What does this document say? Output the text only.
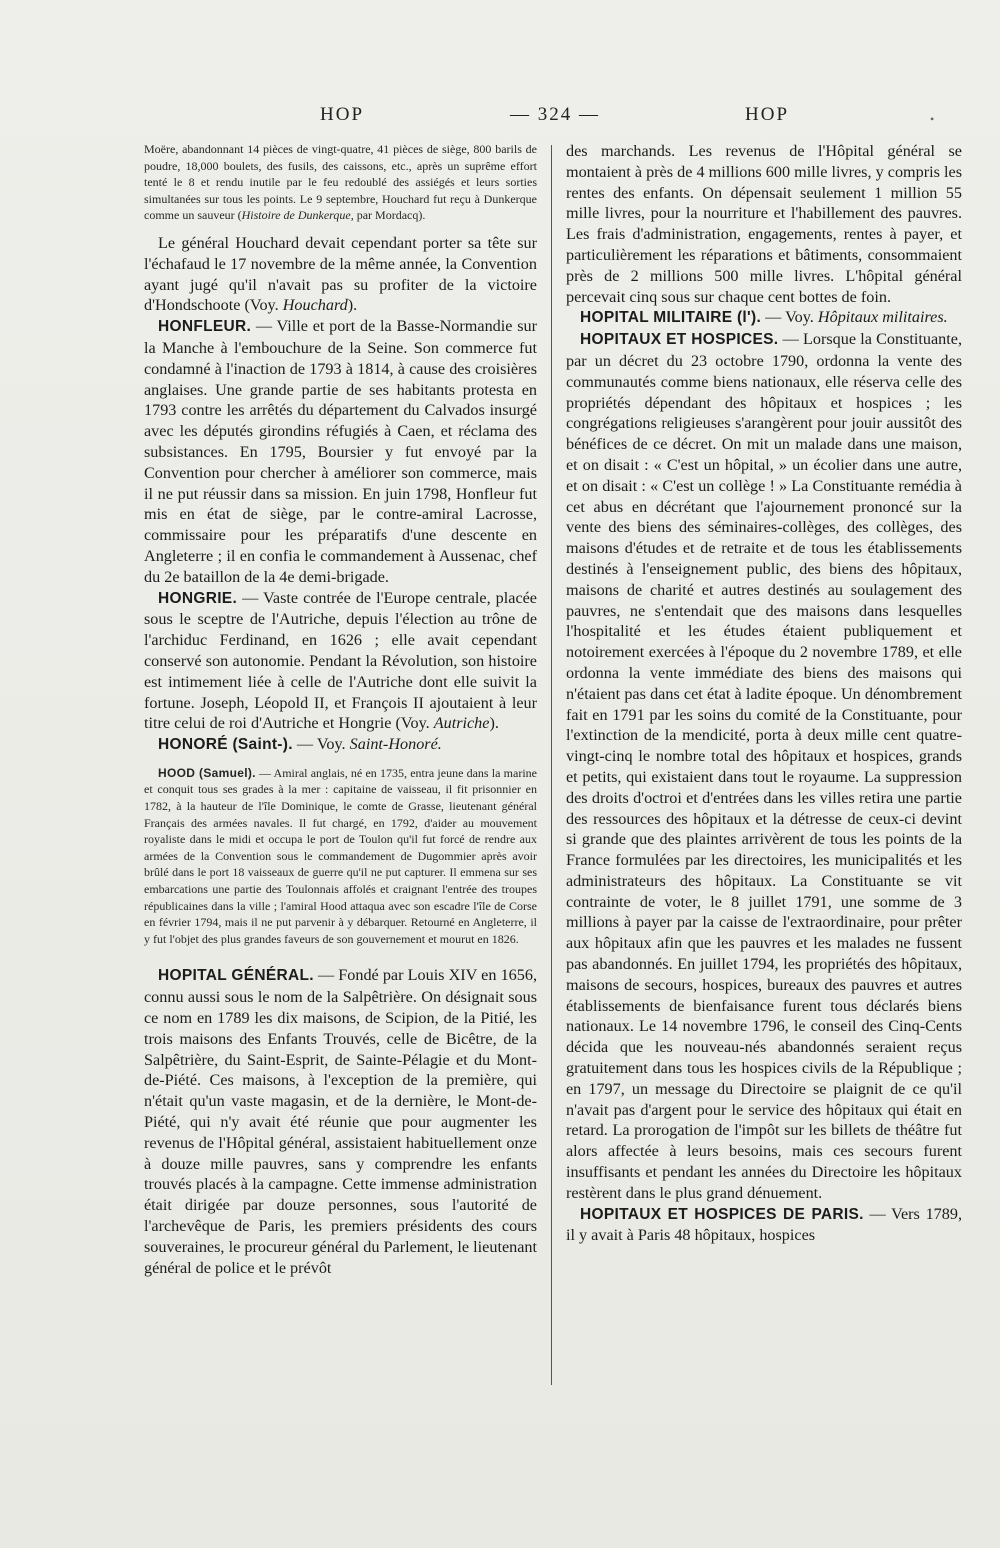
HOP	— 324 —	HOP	•

Moëre, abandonnant 14 pièces de vingt-quatre, 41 pièces de siège, 800 barils de poudre, 18,000 boulets, des fusils, des caissons, etc., après un suprême effort tenté le 8 et rendu inutile par le feu redoublé des assiégés et leurs sorties simultanées sur tous les points. Le 9 septembre, Houchard fut reçu à Dunkerque comme un sauveur (Histoire de Dunkerque, par Mordacq).

Le général Houchard devait cependant porter sa tête sur l'échafaud le 17 novembre de la même année, la Convention ayant jugé qu'il n'avait pas su profiter de la victoire d'Hondschoote (Voy. Houchard).

HONFLEUR. — Ville et port de la Basse-Normandie sur la Manche à l'embouchure de la Seine. Son commerce fut condamné à l'inaction de 1793 à 1814, à cause des croisières anglaises. Une grande partie de ses habitants protesta en 1793 contre les arrêtés du département du Calvados insurgé avec les députés girondins réfugiés à Caen, et réclama des subsistances. En 1795, Boursier y fut envoyé par la Convention pour chercher à améliorer son commerce, mais il ne put réussir dans sa mission. En juin 1798, Honfleur fut mis en état de siège, par le contre-amiral Lacrosse, commissaire pour les préparatifs d'une descente en Angleterre ; il en confia le commandement à Aussenac, chef du 2e bataillon de la 4e demi-brigade.

HONGRIE. — Vaste contrée de l'Europe centrale, placée sous le sceptre de l'Autriche, depuis l'élection au trône de l'archiduc Ferdinand, en 1626 ; elle avait cependant conservé son autonomie. Pendant la Révolution, son histoire est intimement liée à celle de l'Autriche dont elle suivit la fortune. Joseph, Léopold II, et François II ajoutaient à leur titre celui de roi d'Autriche et Hongrie (Voy. Autriche).

HONORÉ (Saint-). — Voy. Saint-Honoré.

HOOD (Samuel). — Amiral anglais, né en 1735, entra jeune dans la marine et conquit tous ses grades à la mer : capitaine de vaisseau, il fit prisonnier en 1782, à la hauteur de l'île Dominique, le comte de Grasse, lieutenant général Français des armées navales. Il fut chargé, en 1792, d'aider au mouvement royaliste dans le midi et occupa le port de Toulon qu'il fut forcé de rendre aux armées de la Convention sous le commandement de Dugommier après avoir brûlé dans le port 18 vaisseaux de guerre qu'il ne put capturer. Il emmena sur ses embarcations une partie des Toulonnais affolés et craignant l'entrée des troupes républicaines dans la ville ; l'amiral Hood attaqua avec son escadre l'île de Corse en février 1794, mais il ne put parvenir à y débarquer. Retourné en Angleterre, il y fut l'objet des plus grandes faveurs de son gouvernement et mourut en 1826.

HOPITAL GÉNÉRAL. — Fondé par Louis XIV en 1656, connu aussi sous le nom de la Salpêtrière. On désignait sous ce nom en 1789 les dix maisons, de Scipion, de la Pitié, les trois maisons des Enfants Trouvés, celle de Bicêtre, de la Salpêtrière, du Saint-Esprit, de Sainte-Pélagie et du Mont-de-Piété. Ces maisons, à l'exception de la première, qui n'était qu'un vaste magasin, et de la dernière, le Mont-de-Piété, qui n'y avait été réunie que pour augmenter les revenus de l'Hôpital général, assistaient habituellement onze à douze mille pauvres, sans y comprendre les enfants trouvés placés à la campagne. Cette immense administration était dirigée par douze personnes, sous l'autorité de l'archevêque de Paris, les premiers présidents des cours souveraines, le procureur général du Parlement, le lieutenant général de police et le prévôt

des marchands. Les revenus de l'Hôpital général se montaient à près de 4 millions 600 mille livres, y compris les rentes des enfants. On dépensait seulement 1 million 55 mille livres, pour la nourriture et l'habillement des pauvres. Les frais d'administration, engagements, rentes à payer, et particulièrement les réparations et bâtiments, consommaient près de 2 millions 500 mille livres. L'hôpital général percevait cinq sous sur chaque cent bottes de foin.

HOPITAL MILITAIRE (l'). — Voy. Hôpitaux militaires.

HOPITAUX ET HOSPICES. — Lorsque la Constituante, par un décret du 23 octobre 1790, ordonna la vente des communautés comme biens nationaux, elle réserva celle des propriétés dépendant des hôpitaux et hospices ; les congrégations religieuses s'arangèrent pour jouir aussitôt des bénéfices de ce décret. On mit un malade dans une maison, et on disait : « C'est un hôpital, » un écolier dans une autre, et on disait : « C'est un collège ! » La Constituante remédia à cet abus en décrétant que l'ajournement prononcé sur la vente des biens des séminaires-collèges, des collèges, des maisons d'études et de retraite et de tous les établissements destinés à l'enseignement public, des biens des hôpitaux, maisons de charité et autres destinés au soulagement des pauvres, ne s'entendait que des maisons dans lesquelles l'hospitalité et les études étaient publiquement et notoirement exercées à l'époque du 2 novembre 1789, et elle ordonna la vente immédiate des biens des maisons qui n'étaient pas dans cet état à ladite époque. Un dénombrement fait en 1791 par les soins du comité de la Constituante, pour l'extinction de la mendicité, porta à deux mille cent quatre-vingt-cinq le nombre total des hôpitaux et hospices, grands et petits, qui existaient dans tout le royaume. La suppression des droits d'octroi et d'entrées dans les villes retira une partie des ressources des hôpitaux et la détresse de ceux-ci devint si grande que des plaintes arrivèrent de tous les points de la France formulées par les directoires, les municipalités et les administrateurs des hôpitaux. La Constituante se vit contrainte de voter, le 8 juillet 1791, une somme de 3 millions à payer par la caisse de l'extraordinaire, pour prêter aux hôpitaux afin que les pauvres et les malades ne fussent pas abandonnés. En juillet 1794, les propriétés des hôpitaux, maisons de secours, hospices, bureaux des pauvres et autres établissements de bienfaisance furent tous déclarés biens nationaux. Le 14 novembre 1796, le conseil des Cinq-Cents décida que les nouveau-nés abandonnés seraient reçus gratuitement dans tous les hospices civils de la République ; en 1797, un message du Directoire se plaignit de ce qu'il n'avait pas d'argent pour le service des hôpitaux qui était en retard. La prorogation de l'impôt sur les billets de théâtre fut alors affectée à leurs besoins, mais ces secours furent insuffisants et pendant les années du Directoire les hôpitaux restèrent dans le plus grand dénuement.

HOPITAUX ET HOSPICES DE PARIS. — Vers 1789, il y avait à Paris 48 hôpitaux, hospices
